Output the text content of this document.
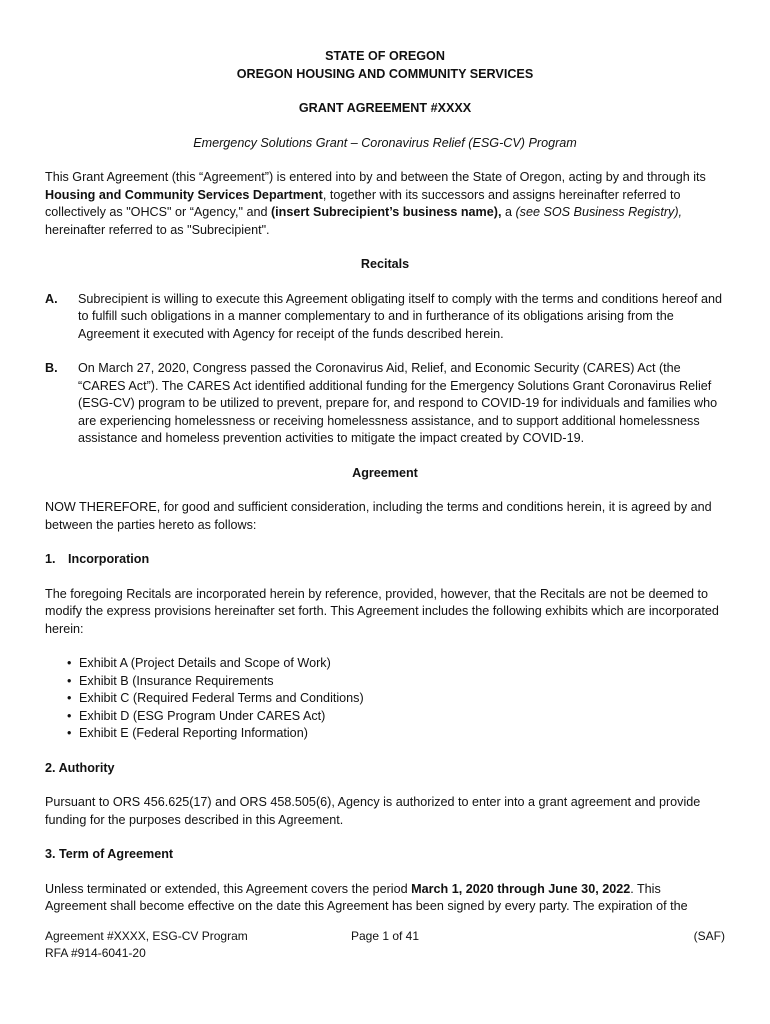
STATE OF OREGON
OREGON HOUSING AND COMMUNITY SERVICES
GRANT AGREEMENT #XXXX
Emergency Solutions Grant – Coronavirus Relief (ESG-CV) Program

This Grant Agreement (this “Agreement”) is entered into by and between the State of Oregon, acting by and through its Housing and Community Services Department, together with its successors and assigns hereinafter referred to collectively as "OHCS" or “Agency," and (insert Subrecipient’s business name), a (see SOS Business Registry), hereinafter referred to as "Subrecipient".

Recitals
A.	Subrecipient is willing to execute this Agreement obligating itself to comply with the terms and conditions hereof and to fulfill such obligations in a manner complementary to and in furtherance of its obligations arising from the Agreement it executed with Agency for receipt of the funds described herein.
B.	On March 27, 2020, Congress passed the Coronavirus Aid, Relief, and Economic Security (CARES) Act (the “CARES Act”). The CARES Act identified additional funding for the Emergency Solutions Grant Coronavirus Relief (ESG-CV) program to be utilized to prevent, prepare for, and respond to COVID-19 for individuals and families who are experiencing homelessness or receiving homelessness assistance, and to support additional homelessness assistance and homeless prevention activities to mitigate the impact created by COVID-19.
Agreement

NOW THEREFORE, for good and sufficient consideration, including the terms and conditions herein, it is agreed by and between the parties hereto as follows:

1. Incorporation

The foregoing Recitals are incorporated herein by reference, provided, however, that the Recitals are not be deemed to modify the express provisions hereinafter set forth. This Agreement includes the following exhibits which are incorporated herein:

• Exhibit A (Project Details and Scope of Work)
• Exhibit B (Insurance Requirements
• Exhibit C (Required Federal Terms and Conditions)
• Exhibit D (ESG Program Under CARES Act)
• Exhibit E (Federal Reporting Information)
2. Authority

Pursuant to ORS 456.625(17) and ORS 458.505(6), Agency is authorized to enter into a grant agreement and provide funding for the purposes described in this Agreement.

3. Term of Agreement

Unless terminated or extended, this Agreement covers the period March 1, 2020 through June 30, 2022. This Agreement shall become effective on the date this Agreement has been signed by every party. The expiration of the

Agreement #XXXX, ESG-CV Program	Page 1 of 41	(SAF)
RFA #914-6041-20
